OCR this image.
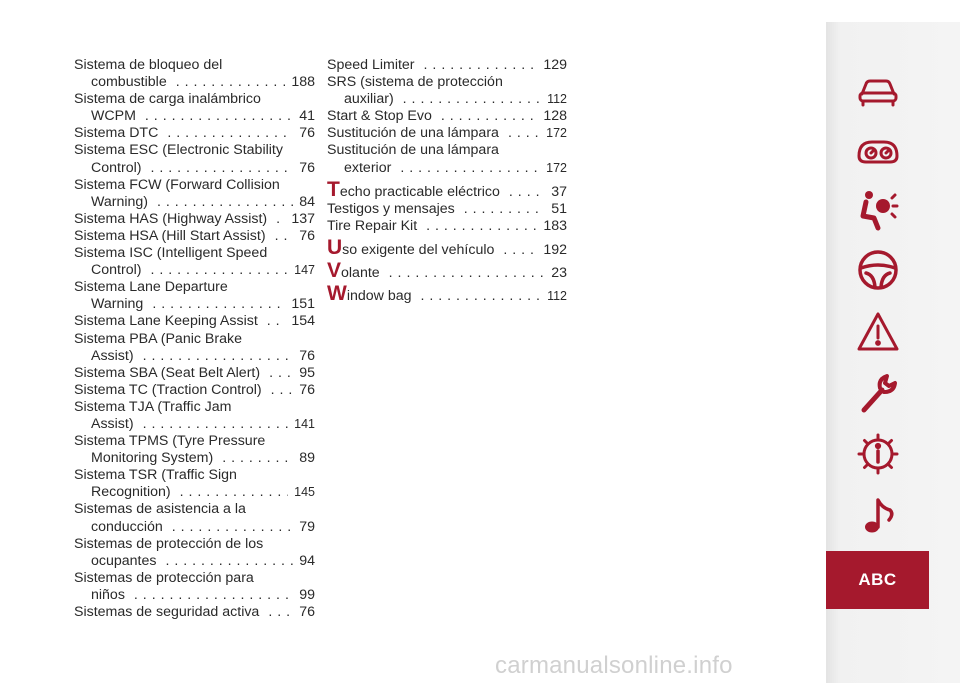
Sistema de bloqueo del
combustible . . .	188
Sistema de carga inalámbrico
WCPM . . .	41
Sistema DTC . . .	76
Sistema ESC (Electronic Stability
Control) . . .	76
Sistema FCW (Forward Collision
Warning) . . .	84
Sistema HAS (Highway Assist) . . . 137
Sistema HSA (Hill Start Assist) . . . 76
Sistema ISC (Intelligent Speed
Control) . . .	147
Sistema Lane Departure
Warning . . .	151
Sistema Lane Keeping Assist . . . 154
Sistema PBA (Panic Brake
Assist) . . .	76
Sistema SBA (Seat Belt Alert) . . .	95
Sistema TC (Traction Control) . . .	76
Sistema TJA (Traffic Jam
Assist) . . .	141
Sistema TPMS (Tyre Pressure
Monitoring System) . . .	89
Sistema TSR (Traffic Sign
Recognition) . . .	145
Sistemas de asistencia a la
conducción . . .	79
Sistemas de protección de los
ocupantes . . .	94
Sistemas de protección para
niños . . .	99
Sistemas de seguridad activa . . .	76
Speed Limiter . . .	129
SRS (sistema de protección
auxiliar) . . .	112
Start & Stop Evo . . .	128
Sustitución de una lámpara . . .	172
Sustitución de una lámpara
exterior . . .	172
Techo practicable eléctrico . . .	37
Testigos y mensajes . . .	51
Tire Repair Kit . . .	183
Uso exigente del vehículo . . .	192
Volante . . .	23
Window bag . . .	112
ABC
carmanualsonline.info
